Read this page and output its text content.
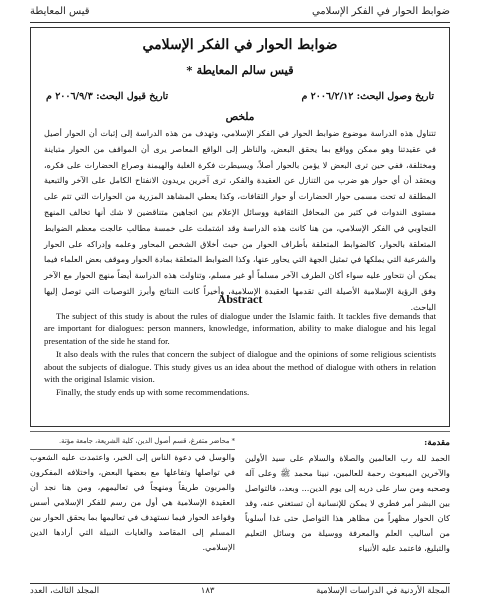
ضوابط الحوار في الفكر الإسلامي
قيس المعايطة
ضوابط الحوار في الفكر الإسلامي

قيس سالم المعايطة *

تاريخ وصول البحث: ٢٠٠٦/٢/١٢ م
تاريخ قبول البحث: ٢٠٠٦/٩/٣ م
ملخص

تتناول هذه الدراسة موضوع ضوابط الحوار في الفكر الإسلامي، وتهدف من هذه الدراسة إلى إثبات أن الحوار أصيل في عقيدتنا وهو ممكن وواقع بما يحقق البعض، والناظر إلى الواقع المعاصر يرى أن المواقف من الحوار متباينة ومختلفة، ففي حين ترى البعض لا يؤمن بالحوار أصلاً، ويسيطرت فكرة الغلبة والهيمنة وصراع الحضارات على فكره، ويعتقد أن أي حوار هو ضرب من التنازل عن العقيدة والفكر، ترى آخرين يريدون الانفتاح الكامل على الآخر والتبعية المطلقة له تحت مسمى حوار الحضارات أو حوار الثقافات، وكذا يعطي المشاهد المزرية من الحوارات التي تتم على مستوى الندوات في كثير من المحافل الثقافية ووسائل الإعلام بين اتجاهين متناقضين لا شك أنها تخالف المنهج التجاوبي في الفكر الإسلامي، من هنا كانت هذه الدراسة وقد اشتملت على خمسة مطالب عالجت معظم الضوابط المتعلقة بالحوار، كالضوابط المتعلقة بأطراف الحوار من حيث أخلاق الشخص المحاور وعلمه وإدراكه على الحوار والشرعية التي يملكها في تمثيل الجهة التي يحاور عنها، وكذا الضوابط المتعلقة بمادة الحوار وموقف بعض العلماء فيما يمكن أن نتحاور عليه سواء أكان الطرف الآخر مسلماً أو غير مسلم، وتناولت هذه الدراسة أيضاً منهج الحوار مع الآخر وفق الرؤية الإسلامية الأصيلة التي تقدمها العقيدة الإسلامية، وأخيراً كانت النتائج وأبرز التوصيات التي توصل إليها الباحث.

Abstract

The subject of this study is about the rules of dialogue under the Islamic faith. It tackles five demands that are important for dialogues: person manners, knowledge, information, ability to make dialogue and his legal presentation of the side he stand for.

It also deals with the rules that concern the subject of dialogue and the opinions of some religious scientists about the subjects of dialogue. This study gives us an idea about the method of dialogue with others in relation with the original Islamic vision.

Finally, the study ends up with some recommendations.

* محاضر متفرغ، قسم أصول الدين، كلية الشريعة، جامعة مؤتة.

والوسل في دعوة الناس إلى الخير، واعتمدت عليه الشعوب في تواصلها وتفاعلها مع بعضها البعض، واختلافه المفكرون والمربون طريقاً ومنهجاً في تعاليمهم، ومن هنا نجد أن العقيدة الإسلامية هي أول من رسم للفكر الإسلامي أسس وقواعد الحوار فيما نستهدف في تعاليمها بما يحقق الحوار بين المسلم إلى المقاصد والغايات النبيلة التي أرادها الدين الإسلامي.

مقدمة:

الحمد لله رب العالمين والصلاة والسلام على سيد الأولين والآخرين المبعوث رحمة للعالمين، نبينا محمد ﷺ وعلى آله وصحبه ومن سار على دربه إلى يوم الدين... وبعد،، فالتواصل بين البشر أمر فطري لا يمكن للإنسانية أن تستغني عنه، وقد كان الحوار مظهراً من مظاهر هذا التواصل حتى غدا أسلوباً من أساليب العلم والمعرفة ووسيلة من وسائل التعليم والتبليغ، فاعتمد عليه الأنبياء

المجلة الأردنية في الدراسات الإسلامية
١٨٣
المجلد الثالث، العدد
